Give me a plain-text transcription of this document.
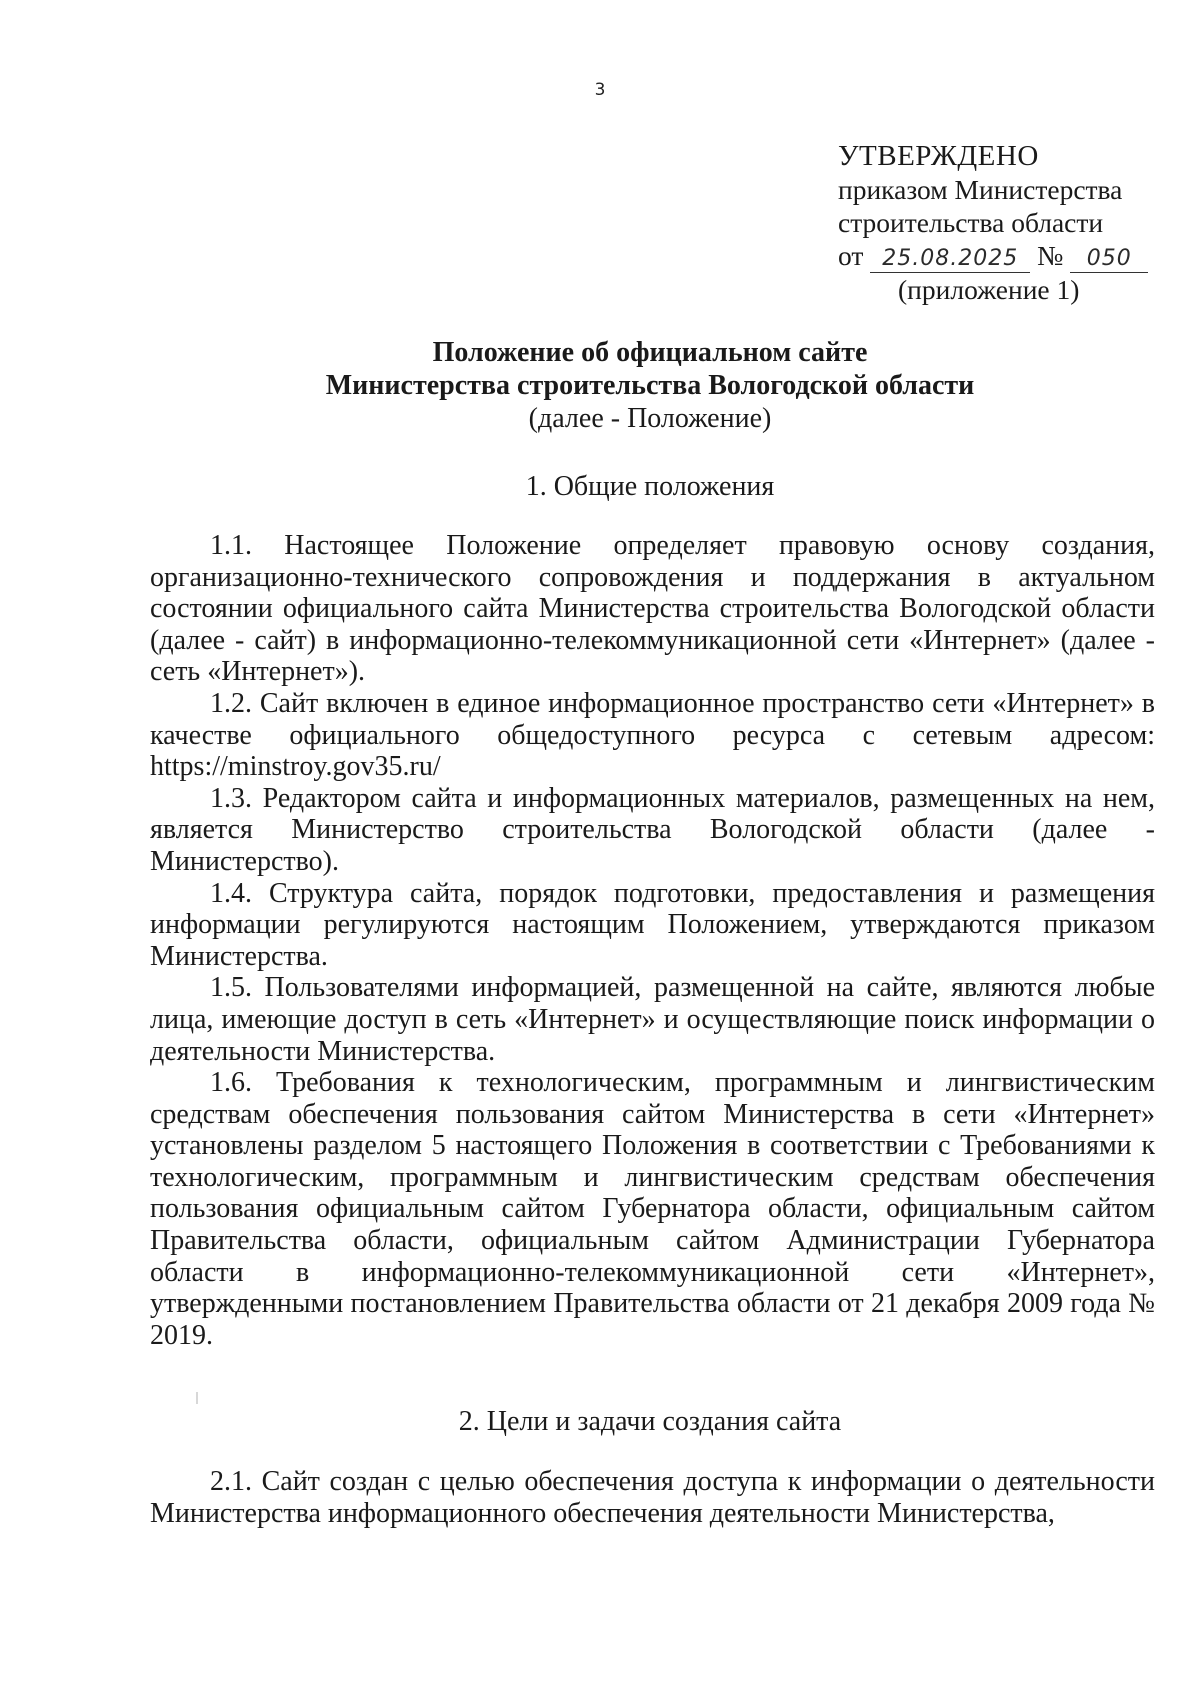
3
УТВЕРЖДЕНО
приказом Министерства
строительства области
от 25.08.2025 № 050
(приложение 1)
Положение об официальном сайте
Министерства строительства Вологодской области
(далее - Положение)
1. Общие положения

1.1. Настоящее Положение определяет правовую основу создания, организационно-технического сопровождения и поддержания в актуальном состоянии официального сайта Министерства строительства Вологодской области (далее - сайт) в информационно-телекоммуникационной сети «Интернет» (далее - сеть «Интернет»).

1.2. Сайт включен в единое информационное пространство сети «Интернет» в качестве официального общедоступного ресурса с сетевым адресом: https://minstroy.gov35.ru/

1.3. Редактором сайта и информационных материалов, размещенных на нем, является Министерство строительства Вологодской области (далее - Министерство).

1.4. Структура сайта, порядок подготовки, предоставления и размещения информации регулируются настоящим Положением, утверждаются приказом Министерства.

1.5. Пользователями информацией, размещенной на сайте, являются любые лица, имеющие доступ в сеть «Интернет» и осуществляющие поиск информации о деятельности Министерства.

1.6. Требования к технологическим, программным и лингвистическим средствам обеспечения пользования сайтом Министерства в сети «Интернет» установлены разделом 5 настоящего Положения в соответствии с Требованиями к технологическим, программным и лингвистическим средствам обеспечения пользования официальным сайтом Губернатора области, официальным сайтом Правительства области, официальным сайтом Администрации Губернатора области в информационно-телекоммуникационной сети «Интернет», утвержденными постановлением Правительства области от 21 декабря 2009 года № 2019.

2. Цели и задачи создания сайта

2.1. Сайт создан с целью обеспечения доступа к информации о деятельности Министерства информационного обеспечения деятельности Министерства,
